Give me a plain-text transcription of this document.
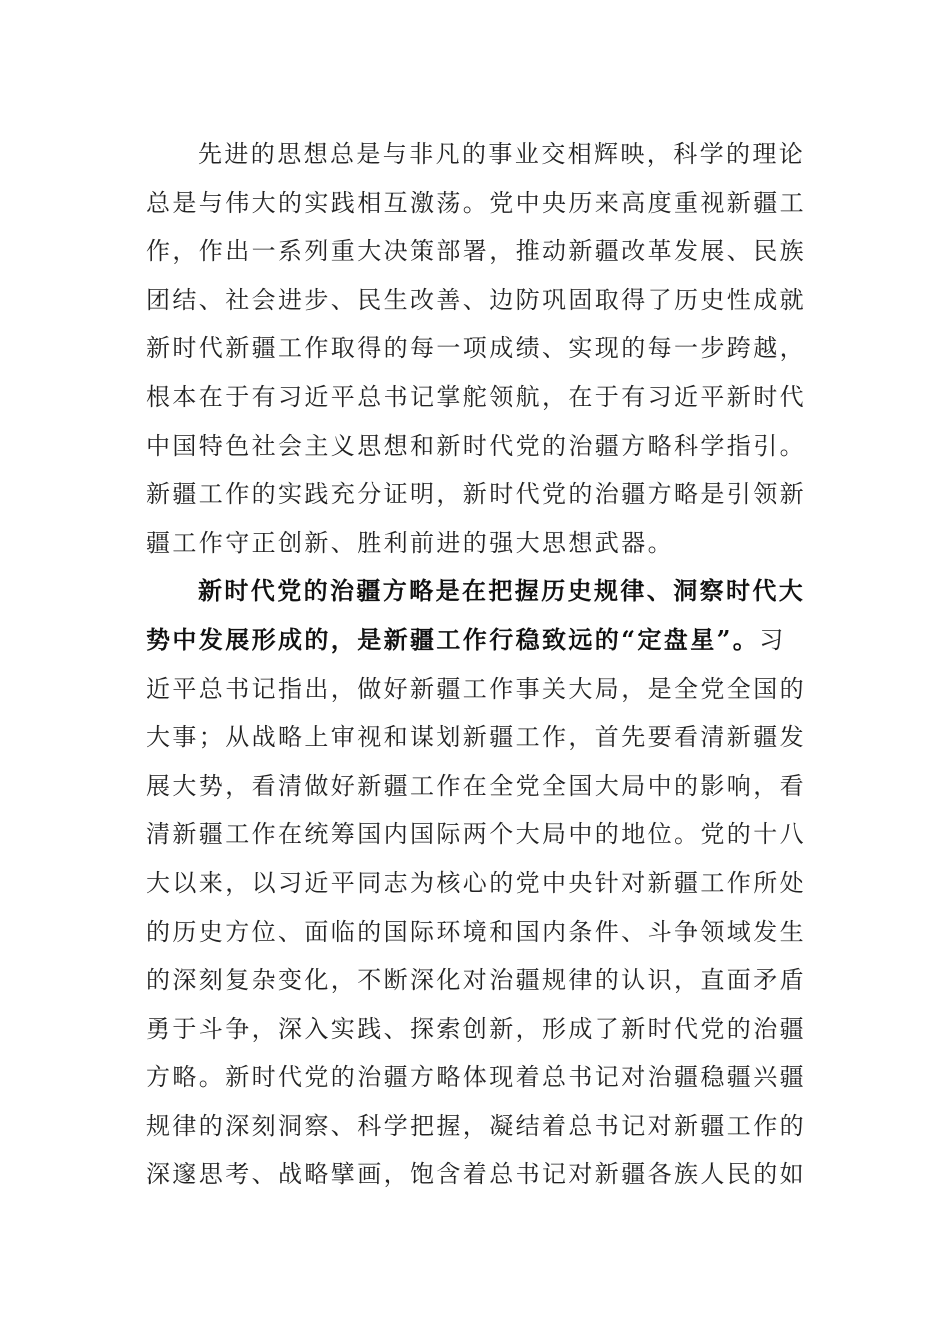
先进的思想总是与非凡的事业交相辉映，科学的理论
总是与伟大的实践相互激荡。党中央历来高度重视新疆工
作，作出一系列重大决策部署，推动新疆改革发展、民族
团结、社会进步、民生改善、边防巩固取得了历史性成就
新时代新疆工作取得的每一项成绩、实现的每一步跨越，
根本在于有习近平总书记掌舵领航，在于有习近平新时代
中国特色社会主义思想和新时代党的治疆方略科学指引。
新疆工作的实践充分证明，新时代党的治疆方略是引领新
疆工作守正创新、胜利前进的强大思想武器。
新时代党的治疆方略是在把握历史规律、洞察时代大
势中发展形成的，是新疆工作行稳致远的“定盘星”。习
近平总书记指出，做好新疆工作事关大局，是全党全国的
大事；从战略上审视和谋划新疆工作，首先要看清新疆发
展大势，看清做好新疆工作在全党全国大局中的影响，看
清新疆工作在统筹国内国际两个大局中的地位。党的十八
大以来，以习近平同志为核心的党中央针对新疆工作所处
的历史方位、面临的国际环境和国内条件、斗争领域发生
的深刻复杂变化，不断深化对治疆规律的认识，直面矛盾
勇于斗争，深入实践、探索创新，形成了新时代党的治疆
方略。新时代党的治疆方略体现着总书记对治疆稳疆兴疆
规律的深刻洞察、科学把握，凝结着总书记对新疆工作的
深邃思考、战略擘画，饱含着总书记对新疆各族人民的如
